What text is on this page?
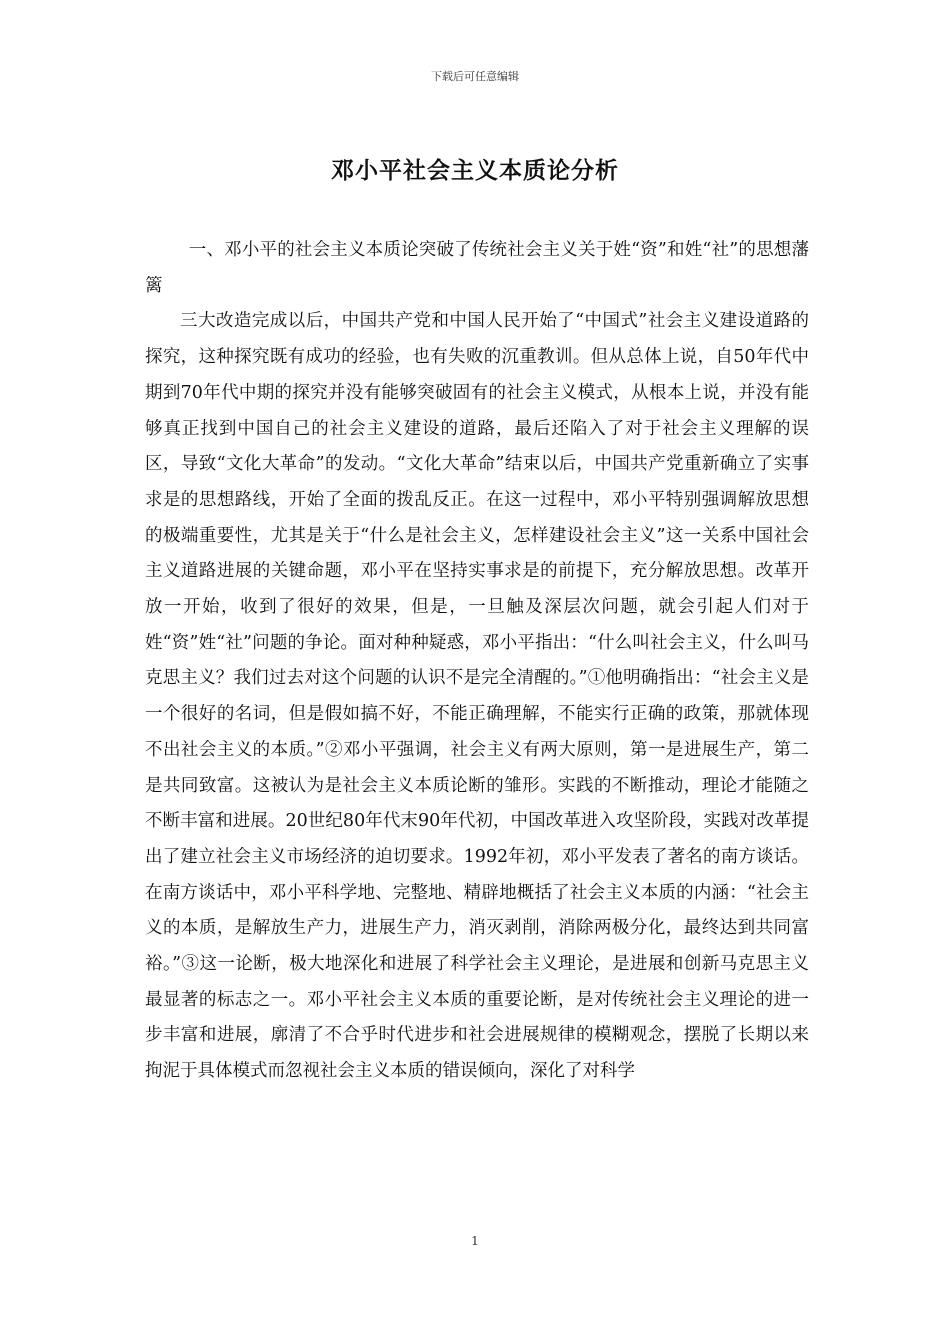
下载后可任意编辑
邓小平社会主义本质论分析

一、邓小平的社会主义本质论突破了传统社会主义关于姓“资”和姓“社”的思想藩篱

三大改造完成以后，中国共产党和中国人民开始了“中国式”社会主义建设道路的探究，这种探究既有成功的经验，也有失败的沉重教训。但从总体上说，自50年代中期到70年代中期的探究并没有能够突破固有的社会主义模式，从根本上说，并没有能够真正找到中国自己的社会主义建设的道路，最后还陷入了对于社会主义理解的误区，导致“文化大革命”的发动。“文化大革命”结束以后，中国共产党重新确立了实事求是的思想路线，开始了全面的拨乱反正。在这一过程中，邓小平特别强调解放思想的极端重要性，尤其是关于“什么是社会主义，怎样建设社会主义”这一关系中国社会主义道路进展的关键命题，邓小平在坚持实事求是的前提下，充分解放思想。改革开放一开始，收到了很好的效果，但是，一旦触及深层次问题，就会引起人们对于姓“资”姓“社”问题的争论。面对种种疑惑，邓小平指出：“什么叫社会主义，什么叫马克思主义？我们过去对这个问题的认识不是完全清醒的。”①他明确指出：“社会主义是一个很好的名词，但是假如搞不好，不能正确理解，不能实行正确的政策，那就体现不出社会主义的本质。”②邓小平强调，社会主义有两大原则，第一是进展生产，第二是共同致富。这被认为是社会主义本质论断的雏形。实践的不断推动，理论才能随之不断丰富和进展。20世纪80年代末90年代初，中国改革进入攻坚阶段，实践对改革提出了建立社会主义市场经济的迫切要求。1992年初，邓小平发表了著名的南方谈话。在南方谈话中，邓小平科学地、完整地、精辟地概括了社会主义本质的内涵：“社会主义的本质，是解放生产力，进展生产力，消灭剥削，消除两极分化，最终达到共同富裕。”③这一论断，极大地深化和进展了科学社会主义理论，是进展和创新马克思主义最显著的标志之一。邓小平社会主义本质的重要论断，是对传统社会主义理论的进一步丰富和进展，廓清了不合乎时代进步和社会进展规律的模糊观念，摆脱了长期以来拘泥于具体模式而忽视社会主义本质的错误倾向，深化了对科学

1
